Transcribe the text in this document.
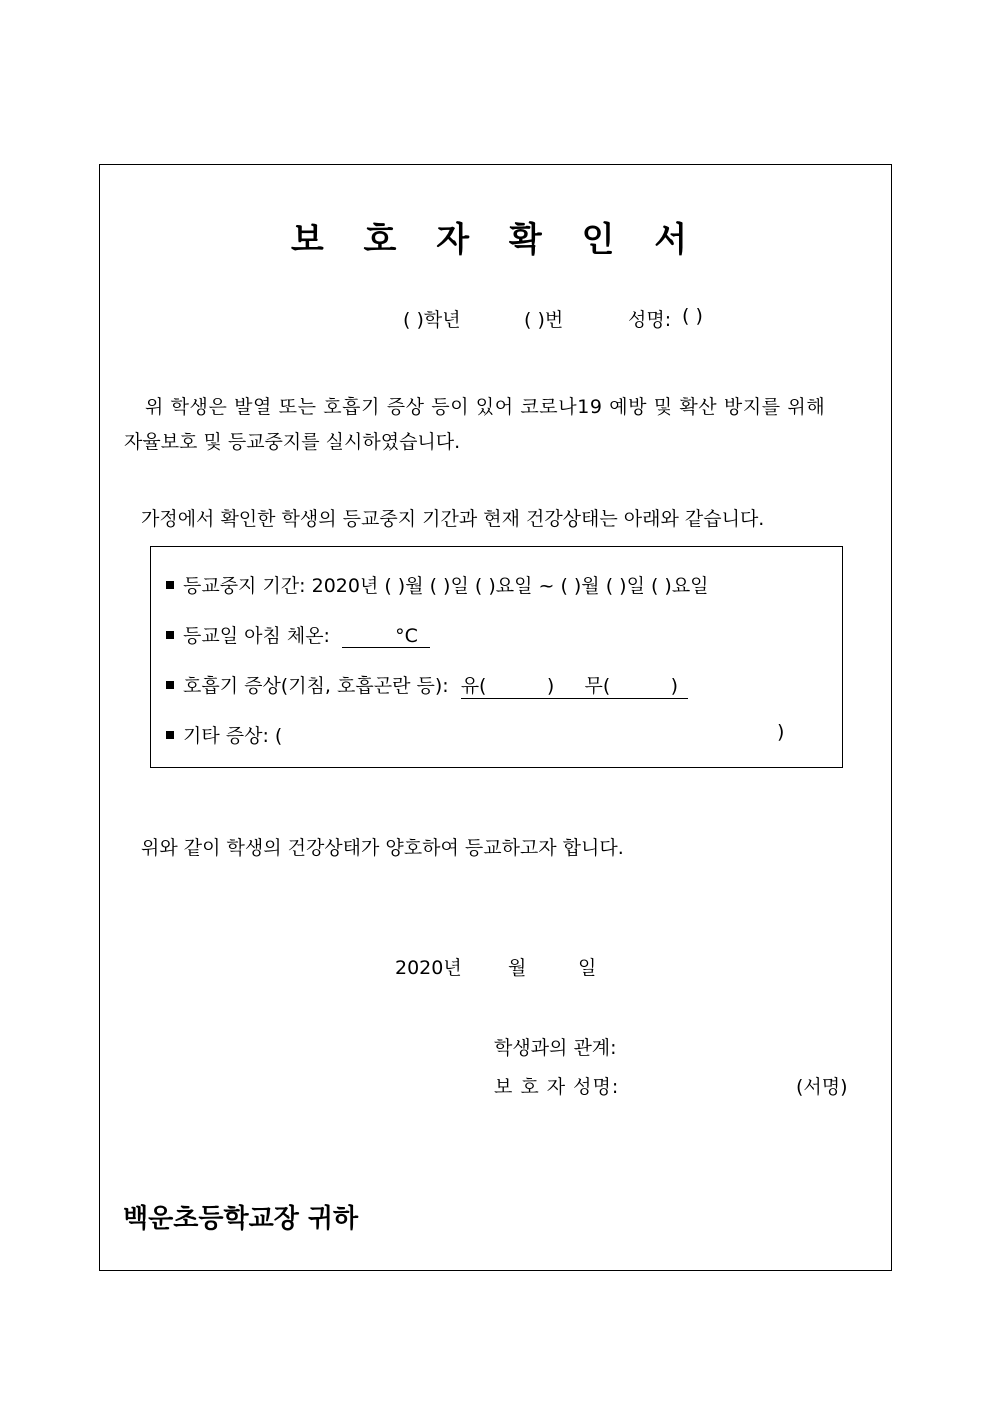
보 호 자 확 인 서
( )학년	( )번	성명: ( )
위 학생은 발열 또는 호흡기 증상 등이 있어 코로나19 예방 및 확산 방지를 위해
자율보호 및 등교중지를 실시하였습니다.
가정에서 확인한 학생의 등교중지 기간과 현재 건강상태는 아래와 같습니다.
등교중지 기간: 2020년 ( )월 ( )일 ( )요일 ~ ( )월 ( )일 ( )요일
등교일 아침 체온:	°C
호흡기 증상(기침, 호흡곤란 등): 유(          )     무(          )
기타 증상: (	)
위와 같이 학생의 건강상태가 양호하여 등교하고자 합니다.
2020년 월	일
학생과의 관계:
보 호 자 성명:	(서명)
백운초등학교장 귀하
